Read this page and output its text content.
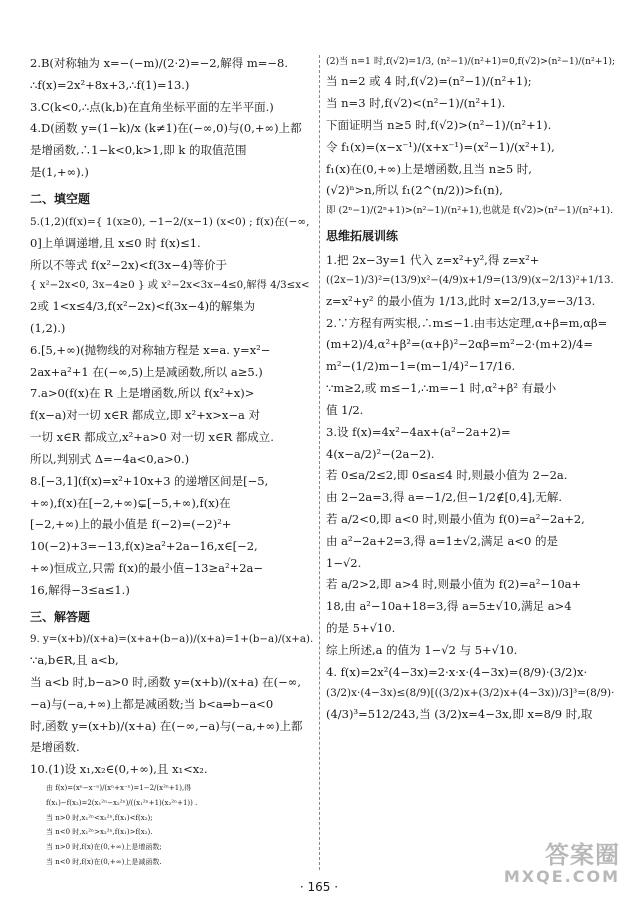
2.B(对称轴为 x=−(−m)/(2·2)=−2,解得 m=−8.
∴f(x)=2x²+8x+3,∴f(1)=13.)
3.C(k<0,∴点(k,b)在直角坐标平面的左半平面.)
4.D(函数 y=(1−k)/x (k≠1)在(−∞,0)与(0,+∞)上都
是增函数,∴1−k<0,k>1,即 k 的取值范围
是(1,+∞).)
二、填空题
5.(1,2)(f(x)={ 1(x≥0), −1−2/(x−1) (x<0) ; f(x)在(−∞,
0]上单调递增,且 x≤0 时 f(x)≤1.
所以不等式 f(x²−2x)<f(3x−4)等价于
{ x²−2x<0, 3x−4≥0 } 或 x²−2x<3x−4≤0,解得 4/3≤x<
2或 1<x≤4/3,f(x²−2x)<f(3x−4)的解集为
(1,2).)
6.[5,+∞)(抛物线的对称轴方程是 x=a. y=x²−
2ax+a²+1 在(−∞,5)上是减函数,所以 a≥5.)
7.a>0(f(x)在 R 上是增函数,所以 f(x²+x)>
f(x−a)对一切 x∈R 都成立,即 x²+x>x−a 对
一切 x∈R 都成立,x²+a>0 对一切 x∈R 都成立.
所以,判别式 Δ=−4a<0,a>0.)
8.[−3,1](f(x)=x²+10x+3 的递增区间是[−5,
+∞),f(x)在[−2,+∞)⊊[−5,+∞),f(x)在
[−2,+∞)上的最小值是 f(−2)=(−2)²+
10(−2)+3=−13,f(x)≥a²+2a−16,x∈[−2,
+∞)恒成立,只需 f(x)的最小值−13≥a²+2a−
16,解得−3≤a≤1.)
三、解答题
9. y=(x+b)/(x+a)=(x+a+(b−a))/(x+a)=1+(b−a)/(x+a).
∵a,b∈R,且 a<b,
当 a<b 时,b−a>0 时,函数 y=(x+b)/(x+a) 在(−∞,
−a)与(−a,+∞)上都是减函数;当 b<a⇒b−a<0
时,函数 y=(x+b)/(x+a) 在(−∞,−a)与(−a,+∞)上都
是增函数.
10.(1)设 x₁,x₂∈(0,+∞),且 x₁<x₂.
由 f(x)=(xⁿ−x⁻ⁿ)/(xⁿ+x⁻ⁿ)=1−2/(x²ⁿ+1),得
f(x₁)−f(x₂)=2(x₁²ⁿ−x₂²ⁿ)/((x₁²ⁿ+1)(x₂²ⁿ+1)) .
当 n>0 时,x₁²ⁿ<x₂²ⁿ,f(x₁)<f(x₂);
当 n<0 时,x₁²ⁿ>x₂²ⁿ,f(x₁)>f(x₂).
当 n>0 时,f(x)在(0,+∞)上是增函数;
当 n<0 时,f(x)在(0,+∞)上是减函数.
(2)当 n=1 时,f(√2)=1/3, (n²−1)/(n²+1)=0,f(√2)>(n²−1)/(n²+1);
当 n=2 或 4 时,f(√2)=(n²−1)/(n²+1);
当 n=3 时,f(√2)<(n²−1)/(n²+1).
下面证明当 n≥5 时,f(√2)>(n²−1)/(n²+1).
令 f₁(x)=(x−x⁻¹)/(x+x⁻¹)=(x²−1)/(x²+1),
f₁(x)在(0,+∞)上是增函数,且当 n≥5 时,
(√2)ⁿ>n,所以 f₁(2^(n/2))>f₁(n),
即 (2ⁿ−1)/(2ⁿ+1)>(n²−1)/(n²+1),也就是 f(√2)>(n²−1)/(n²+1).
思维拓展训练
1.把 2x−3y=1 代入 z=x²+y²,得 z=x²+
((2x−1)/3)²=(13/9)x²−(4/9)x+1/9=(13/9)(x−2/13)²+1/13.
z=x²+y² 的最小值为 1/13,此时 x=2/13,y=−3/13.
2.∵方程有两实根,∴m≤−1.由韦达定理,α+β=m,αβ=
(m+2)/4,α²+β²=(α+β)²−2αβ=m²−2·(m+2)/4=
m²−(1/2)m−1=(m−1/4)²−17/16.
∵m≥2,或 m≤−1,∴m=−1 时,α²+β² 有最小
值 1/2.
3.设 f(x)=4x²−4ax+(a²−2a+2)=
4(x−a/2)²−(2a−2).
若 0≤a/2≤2,即 0≤a≤4 时,则最小值为 2−2a.
由 2−2a=3,得 a=−1/2,但−1/2∉[0,4],无解.
若 a/2<0,即 a<0 时,则最小值为 f(0)=a²−2a+2,
由 a²−2a+2=3,得 a=1±√2,满足 a<0 的是
1−√2.
若 a/2>2,即 a>4 时,则最小值为 f(2)=a²−10a+
18,由 a²−10a+18=3,得 a=5±√10,满足 a>4
的是 5+√10.
综上所述,a 的值为 1−√2 与 5+√10.
4. f(x)=2x²(4−3x)=2·x·x·(4−3x)=(8/9)·(3/2)x·
(3/2)x·(4−3x)≤(8/9)[((3/2)x+(3/2)x+(4−3x))/3]³=(8/9)·
(4/3)³=512/243,当 (3/2)x=4−3x,即 x=8/9 时,取
· 165 ·
答案圈
MXQE.COM
